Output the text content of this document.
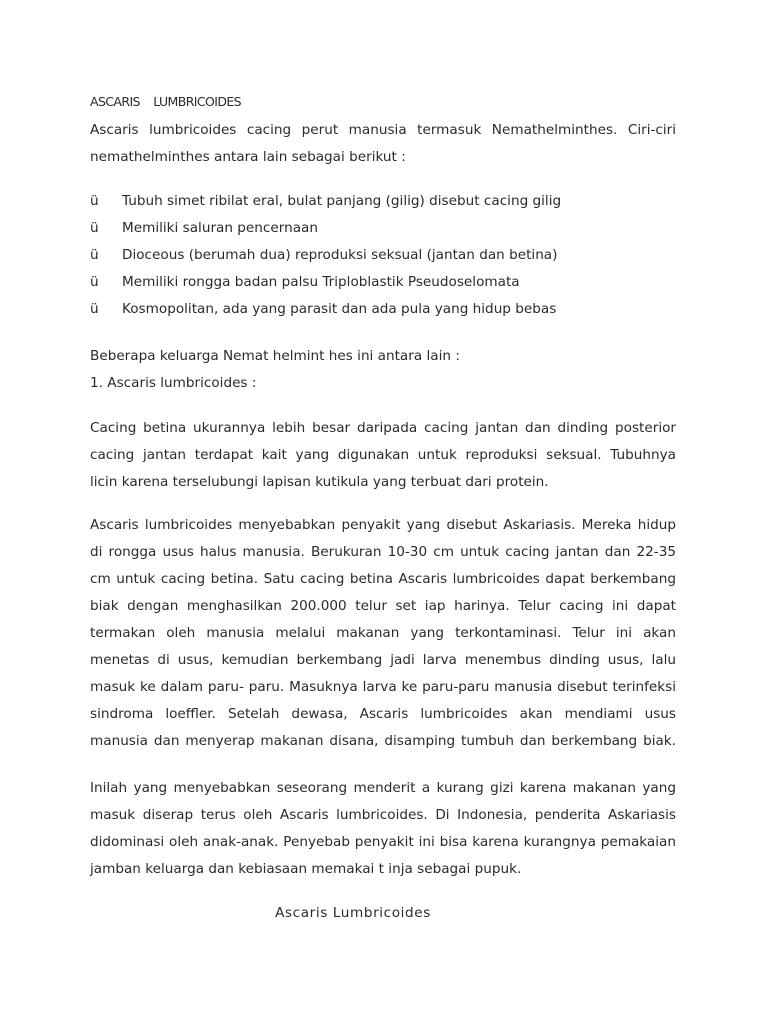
ASCARIS LUMBRICOIDES
Ascaris lumbricoides cacing perut manusia termasuk Nemathelminthes. Ciri-ciri
nemathelminthes antara lain sebagai berikut :
ü Tubuh simet ribilat eral, bulat panjang (gilig) disebut cacing gilig
ü Memiliki saluran pencernaan
ü Dioceous (berumah dua) reproduksi seksual (jantan dan betina)
ü Memiliki rongga badan palsu Triploblastik Pseudoselomata
ü Kosmopolitan, ada yang parasit dan ada pula yang hidup bebas
Beberapa keluarga Nemat helmint hes ini antara lain :
1. Ascaris lumbricoides :
Cacing betina ukurannya lebih besar daripada cacing jantan dan dinding posterior
cacing jantan terdapat kait yang digunakan untuk reproduksi seksual. Tubuhnya
licin karena terselubungi lapisan kutikula yang terbuat dari protein.
Ascaris lumbricoides menyebabkan penyakit yang disebut Askariasis. Mereka hidup
di rongga usus halus manusia. Berukuran 10-30 cm untuk cacing jantan dan 22-35
cm untuk cacing betina. Satu cacing betina Ascaris lumbricoides dapat berkembang
biak dengan menghasilkan 200.000 telur set iap harinya. Telur cacing ini dapat
termakan oleh manusia melalui makanan yang terkontaminasi. Telur ini akan
menetas di usus, kemudian berkembang jadi larva menembus dinding usus, lalu
masuk ke dalam paru- paru. Masuknya larva ke paru-paru manusia disebut terinfeksi
sindroma loeffler. Setelah dewasa, Ascaris lumbricoides akan mendiami usus
manusia dan menyerap makanan disana, disamping tumbuh dan berkembang biak.
Inilah yang menyebabkan seseorang menderit a kurang gizi karena makanan yang
masuk diserap terus oleh Ascaris lumbricoides. Di Indonesia, penderita Askariasis
didominasi oleh anak-anak. Penyebab penyakit ini bisa karena kurangnya pemakaian
jamban keluarga dan kebiasaan memakai t inja sebagai pupuk.
Ascaris Lumbricoides
